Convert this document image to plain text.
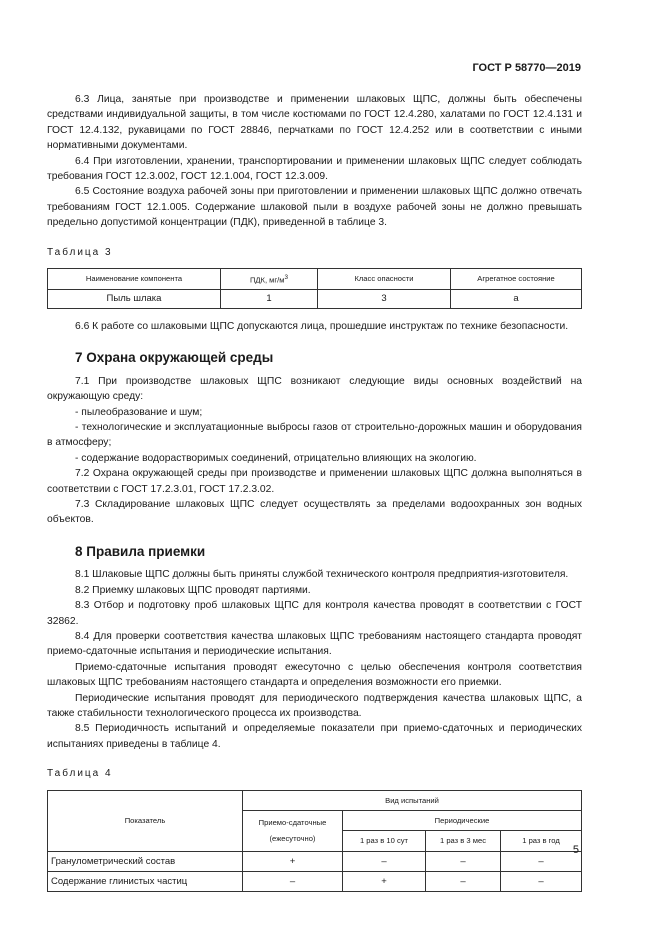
ГОСТ Р 58770—2019

6.3 Лица, занятые при производстве и применении шлаковых ЩПС, должны быть обеспечены средствами индивидуальной защиты, в том числе костюмами по ГОСТ 12.4.280, халатами по ГОСТ 12.4.131 и ГОСТ 12.4.132, рукавицами по ГОСТ 28846, перчатками по ГОСТ 12.4.252 или в соответствии с иными нормативными документами.

6.4 При изготовлении, хранении, транспортировании и применении шлаковых ЩПС следует соблюдать требования ГОСТ 12.3.002, ГОСТ 12.1.004, ГОСТ 12.3.009.

6.5 Состояние воздуха рабочей зоны при приготовлении и применении шлаковых ЩПС должно отвечать требованиям ГОСТ 12.1.005. Содержание шлаковой пыли в воздухе рабочей зоны не должно превышать предельно допустимой концентрации (ПДК), приведенной в таблице 3.

Таблица 3
Наименование компонента	ПДК, $мг/м^3$	Класс опасности	Агрегатное состояние
Пыль шлака	1	3	а

6.6 К работе со шлаковыми ЩПС допускаются лица, прошедшие инструктаж по технике безопасности.

7 Охрана окружающей среды

7.1 При производстве шлаковых ЩПС возникают следующие виды основных воздействий на окружающую среду:

- пылеобразование и шум;

- технологические и эксплуатационные выбросы газов от строительно-дорожных машин и оборудования в атмосферу;

- содержание водорастворимых соединений, отрицательно влияющих на экологию.

7.2 Охрана окружающей среды при производстве и применении шлаковых ЩПС должна выполняться в соответствии с ГОСТ 17.2.3.01, ГОСТ 17.2.3.02.

7.3 Складирование шлаковых ЩПС следует осуществлять за пределами водоохранных зон водных объектов.

8 Правила приемки

8.1 Шлаковые ЩПС должны быть приняты службой технического контроля предприятия-изготовителя.

8.2 Приемку шлаковых ЩПС проводят партиями.

8.3 Отбор и подготовку проб шлаковых ЩПС для контроля качества проводят в соответствии с ГОСТ 32862.

8.4 Для проверки соответствия качества шлаковых ЩПС требованиям настоящего стандарта проводят приемо-сдаточные испытания и периодические испытания.

Приемо-сдаточные испытания проводят ежесуточно с целью обеспечения контроля соответствия шлаковых ЩПС требованиям настоящего стандарта и определения возможности его приемки.

Периодические испытания проводят для периодического подтверждения качества шлаковых ЩПС, а также стабильности технологического процесса их производства.

8.5 Периодичность испытаний и определяемые показатели при приемо-сдаточных и периодических испытаниях приведены в таблице 4.

Таблица 4
Показатель	Вид испытаний			
	Приемо-сдаточные (ежесуточно)	Периодические		
		1 раз в 10 сут	1 раз в 3 мес	1 раз в год
Гранулометрический состав	+	–	–	–
Содержание глинистых частиц	–	+	–	–
5
